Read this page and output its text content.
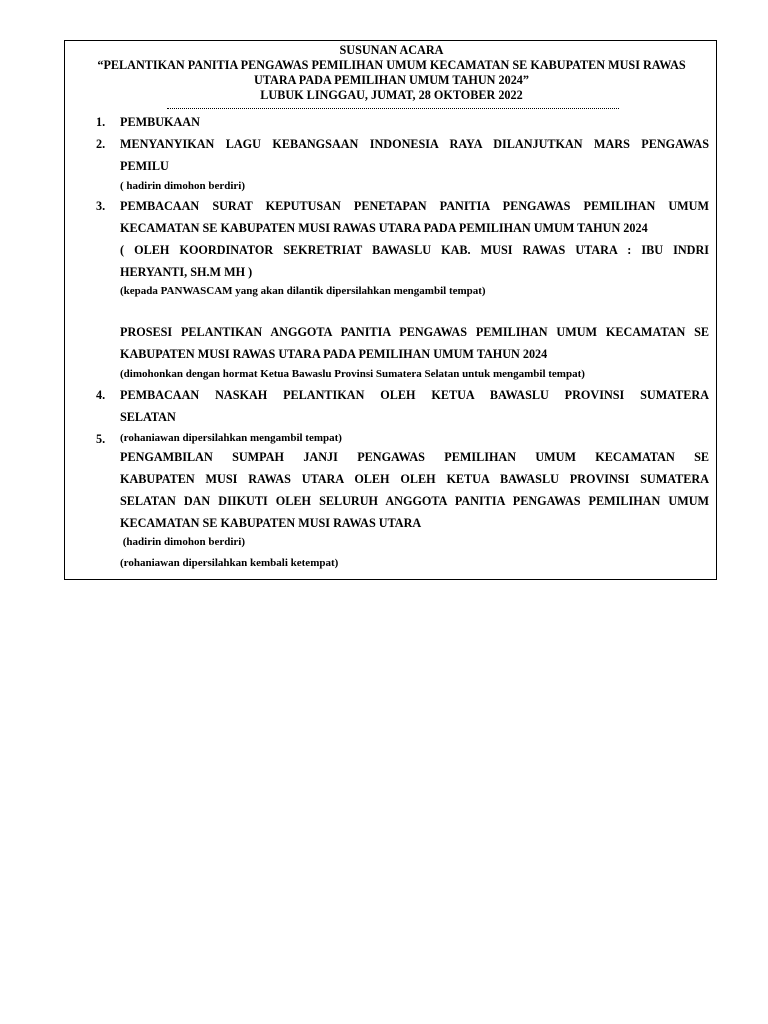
SUSUNAN ACARA
“PELANTIKAN PANITIA PENGAWAS PEMILIHAN UMUM KECAMATAN SE KABUPATEN MUSI RAWAS
UTARA PADA PEMILIHAN UMUM TAHUN 2024”
LUBUK LINGGAU, JUMAT, 28 OKTOBER 2022
1. PEMBUKAAN
2. MENYANYIKAN LAGU KEBANGSAAN INDONESIA RAYA DILANJUTKAN MARS PENGAWAS
PEMILU
( hadirin dimohon berdiri)
3. PEMBACAAN SURAT KEPUTUSAN PENETAPAN PANITIA PENGAWAS PEMILIHAN UMUM
KECAMATAN SE KABUPATEN MUSI RAWAS UTARA PADA PEMILIHAN UMUM TAHUN 2024
( OLEH KOORDINATOR SEKRETRIAT BAWASLU KAB. MUSI RAWAS UTARA : IBU INDRI
HERYANTI, SH.M MH )
(kepada PANWASCAM yang akan dilantik dipersilahkan mengambil tempat)
PROSESI PELANTIKAN ANGGOTA PANITIA PENGAWAS PEMILIHAN UMUM KECAMATAN SE
KABUPATEN MUSI RAWAS UTARA PADA PEMILIHAN UMUM TAHUN 2024
(dimohonkan dengan hormat Ketua Bawaslu Provinsi Sumatera Selatan untuk mengambil tempat)
4. PEMBACAAN NASKAH PELANTIKAN OLEH KETUA BAWASLU PROVINSI SUMATERA
SELATAN
5. (rohaniawan dipersilahkan mengambil tempat)
PENGAMBILAN SUMPAH JANJI PENGAWAS PEMILIHAN UMUM KECAMATAN SE
KABUPATEN MUSI RAWAS UTARA OLEH OLEH KETUA BAWASLU PROVINSI SUMATERA
SELATAN DAN DIIKUTI OLEH SELURUH ANGGOTA PANITIA PENGAWAS PEMILIHAN UMUM
KECAMATAN SE KABUPATEN MUSI RAWAS UTARA
(hadirin dimohon berdiri)
(rohaniawan dipersilahkan kembali ketempat)
